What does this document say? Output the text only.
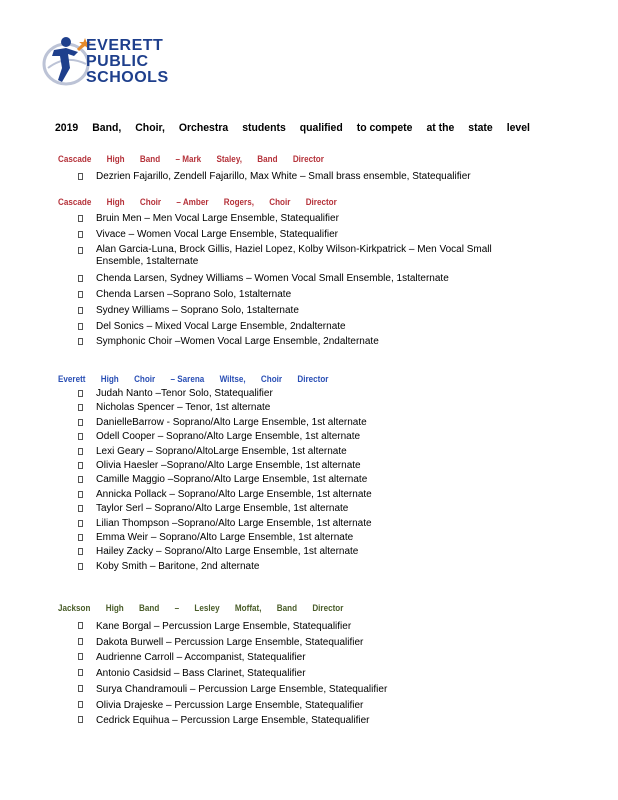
EVERETT
PUBLIC
SCHOOLS
2019 Band, Choir, Orchestra students qualified to compete at the state level
Cascade High Band – Mark Staley, Band Director
Dezrien Fajarillo, Zendell Fajarillo, Max White – Small brass ensemble, Statequalifier
Cascade High Choir – Amber Rogers, Choir Director
Bruin Men – Men Vocal Large Ensemble, Statequalifier
Vivace – Women Vocal Large Ensemble, Statequalifier
Alan Garcia-Luna, Brock Gillis, Haziel Lopez, Kolby Wilson-Kirkpatrick – Men Vocal Small Ensemble, 1stalternate
Chenda Larsen, Sydney Williams – Women Vocal Small Ensemble, 1stalternate
Chenda Larsen –Soprano Solo, 1stalternate
Sydney Williams – Soprano Solo, 1stalternate
Del Sonics – Mixed Vocal Large Ensemble, 2ndalternate
Symphonic Choir –Women Vocal Large Ensemble, 2ndalternate
Everett High Choir – Sarena Wiltse, Choir Director
Judah Nanto –Tenor Solo, Statequalifier
Nicholas Spencer – Tenor, 1st alternate
DanielleBarrow - Soprano/Alto Large Ensemble, 1st alternate
Odell Cooper – Soprano/Alto Large Ensemble, 1st alternate
Lexi Geary – Soprano/AltoLarge Ensemble, 1st alternate
Olivia Haesler –Soprano/Alto Large Ensemble, 1st alternate
Camille Maggio –Soprano/Alto Large Ensemble, 1st alternate
Annicka Pollack – Soprano/Alto Large Ensemble, 1st alternate
Taylor Serl – Soprano/Alto Large Ensemble, 1st alternate
Lilian Thompson –Soprano/Alto Large Ensemble, 1st alternate
Emma Weir – Soprano/Alto Large Ensemble, 1st alternate
Hailey Zacky – Soprano/Alto Large Ensemble, 1st alternate
Koby Smith – Baritone, 2nd alternate
Jackson High Band – Lesley Moffat, Band Director
Kane Borgal – Percussion Large Ensemble, Statequalifier
Dakota Burwell – Percussion Large Ensemble, Statequalifier
Audrienne Carroll – Accompanist, Statequalifier
Antonio Casidsid – Bass Clarinet, Statequalifier
Surya Chandramouli – Percussion Large Ensemble, Statequalifier
Olivia Drajeske – Percussion Large Ensemble, Statequalifier
Cedrick Equihua – Percussion Large Ensemble, Statequalifier
